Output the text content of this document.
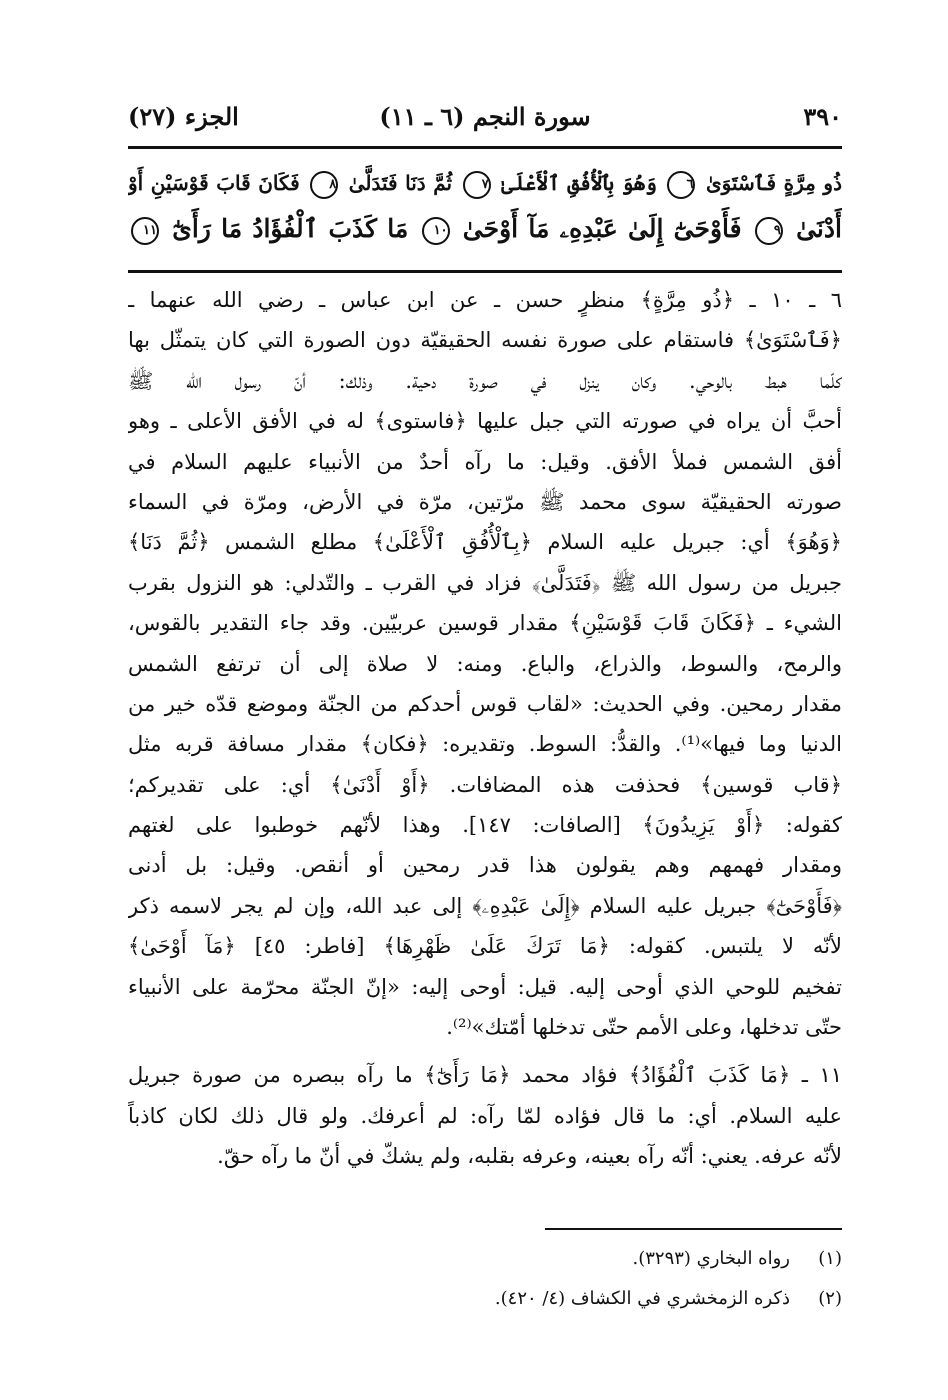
٣٩٠
سورة النجم (٦ ـ ١١)
الجزء (٢٧)
ذُو مِرَّةٍ فَٱسْتَوَىٰ ٦ وَهُوَ بِٱلْأُفُقِ ٱلْأَعْلَىٰ ٧ ثُمَّ دَنَا فَتَدَلَّىٰ ٨ فَكَانَ قَابَ قَوْسَيْنِ أَوْ
أَدْنَىٰ ٩ فَأَوْحَىٰٓ إِلَىٰ عَبْدِهِۦ مَآ أَوْحَىٰ ١٠ مَا كَذَبَ ٱلْفُؤَادُ مَا رَأَىٰٓ ١١
٦ ـ ١٠ ـ ﴿ذُو مِرَّةٍ﴾ منظرٍ حسن ـ عن ابن عباس ـ رضي الله عنهما ـ
﴿فَٱسْتَوَىٰ﴾ فاستقام على صورة نفسه الحقيقيّة دون الصورة التي كان يتمثّل بها
كلّما هبط بالوحي. وكان ينزل في صورة دحية. وذلك: أنّ رسول الله ﷺ
أحبَّ أن يراه في صورته التي جبل عليها ﴿فاستوى﴾ له في الأفق الأعلى ـ وهو
أفق الشمس فملأ الأفق. وقيل: ما رآه أحدٌ من الأنبياء عليهم السلام في
صورته الحقيقيّة سوى محمد ﷺ مرّتين، مرّة في الأرض، ومرّة في السماء
﴿وَهُوَ﴾ أي: جبريل عليه السلام ﴿بِٱلْأُفُقِ ٱلْأَعْلَىٰ﴾ مطلع الشمس ﴿ثُمَّ دَنَا﴾
جبريل من رسول الله ﷺ ﴿فَتَدَلَّىٰ﴾ فزاد في القرب ـ والتّدلي: هو النزول بقرب
الشيء ـ ﴿فَكَانَ قَابَ قَوْسَيْنِ﴾ مقدار قوسين عربيّين. وقد جاء التقدير بالقوس،
والرمح، والسوط، والذراع، والباع. ومنه: لا صلاة إلى أن ترتفع الشمس
مقدار رمحين. وفي الحديث: «لقاب قوس أحدكم من الجنّة وموضع قدّه خير من
الدنيا وما فيها»⁽¹⁾. والقدُّ: السوط. وتقديره: ﴿فكان﴾ مقدار مسافة قربه مثل
﴿قاب قوسين﴾ فحذفت هذه المضافات. ﴿أَوْ أَدْنَىٰ﴾ أي: على تقديركم؛
كقوله: ﴿أَوْ يَزِيدُونَ﴾ [الصافات: ١٤٧]. وهذا لأنّهم خوطبوا على لغتهم
ومقدار فهمهم وهم يقولون هذا قدر رمحين أو أنقص. وقيل: بل أدنى
﴿فَأَوْحَىٰٓ﴾ جبريل عليه السلام ﴿إِلَىٰ عَبْدِهِۦ﴾ إلى عبد الله، وإن لم يجر لاسمه ذكر
لأنّه لا يلتبس. كقوله: ﴿مَا تَرَكَ عَلَىٰ ظَهْرِهَا﴾ [فاطر: ٤٥] ﴿مَآ أَوْحَىٰ﴾
تفخيم للوحي الذي أوحى إليه. قيل: أوحى إليه: «إنّ الجنّة محرّمة على الأنبياء
حتّى تدخلها، وعلى الأمم حتّى تدخلها أمّتك»⁽²⁾.
١١ ـ ﴿مَا كَذَبَ ٱلْفُؤَادُ﴾ فؤاد محمد ﴿مَا رَأَىٰٓ﴾ ما رآه ببصره من صورة جبريل
عليه السلام. أي: ما قال فؤاده لمّا رآه: لم أعرفك. ولو قال ذلك لكان كاذباً
لأنّه عرفه. يعني: أنّه رآه بعينه، وعرفه بقلبه، ولم يشكّ في أنّ ما رآه حقّ.
(١)رواه البخاري (٣٢٩٣).
(٢)ذكره الزمخشري في الكشاف (٤/ ٤٢٠).
